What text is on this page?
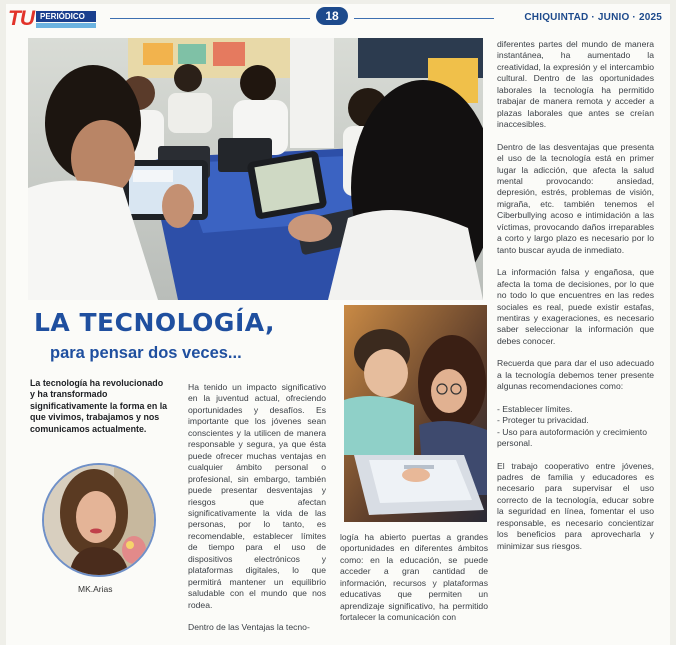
TU PERIÓDICO	18	CHIQUINTAD · JUNIO · 2025
LA TECNOLOGÍA,
para pensar dos veces...
La tecnología ha revolucionado y ha transformado significativamente la forma en la que vivimos, trabajamos y nos comunicamos actualmente.
MK.Arias

Ha tenido un impacto significativo en la juventud actual, ofreciendo oportunidades y desafíos. Es importante que los jóvenes sean conscientes y la utilicen de manera responsable y segura, ya que ésta puede ofrecer muchas ventajas en cualquier ámbito personal o profesional, sin embargo, también puede presentar desventajas y riesgos que afectan significativamente la vida de las personas, por lo tanto, es recomendable, establecer límites de tiempo para el uso de dispositivos electrónicos y plataformas digitales, lo que permitirá mantener un equilibrio saludable con el mundo que nos rodea.

Dentro de las Ventajas la tecno-

logía ha abierto puertas a grandes oportunidades en diferentes ámbitos como: en la educación, se puede acceder a gran cantidad de información, recursos y plataformas educativas que permiten un aprendizaje significativo, ha permitido fortalecer la comunicación con

diferentes partes del mundo de manera instantánea, ha aumentado la creatividad, la expresión y el intercambio cultural. Dentro de las oportunidades laborales la tecnología ha permitido trabajar de manera remota y acceder a plazas laborales que antes se creían inaccesibles.

Dentro de las desventajas que presenta el uso de la tecnología está en primer lugar la adicción, que afecta la salud mental provocando: ansiedad, depresión, estrés, problemas de visión, migraña, etc. también tenemos el Ciberbullying acoso e intimidación a las víctimas, provocando daños irreparables a corto y largo plazo es necesario por lo tanto buscar ayuda de inmediato.

La información falsa y engañosa, que afecta la toma de decisiones, por lo que no todo lo que encuentres en las redes sociales es real, puede existir estafas, mentiras y exageraciones, es necesario saber seleccionar la información que debes conocer.

Recuerda que para dar el uso adecuado a la tecnología debemos tener presente algunas recomendaciones como:

- Establecer límites.

- Proteger tu privacidad.

- Uso para autoformación y crecimiento personal.

El trabajo cooperativo entre jóvenes, padres de familia y educadores es necesario para supervisar el uso correcto de la tecnología, educar sobre la seguridad en línea, fomentar el uso responsable, es necesario concientizar los beneficios para aprovecharla y minimizar sus riesgos.
